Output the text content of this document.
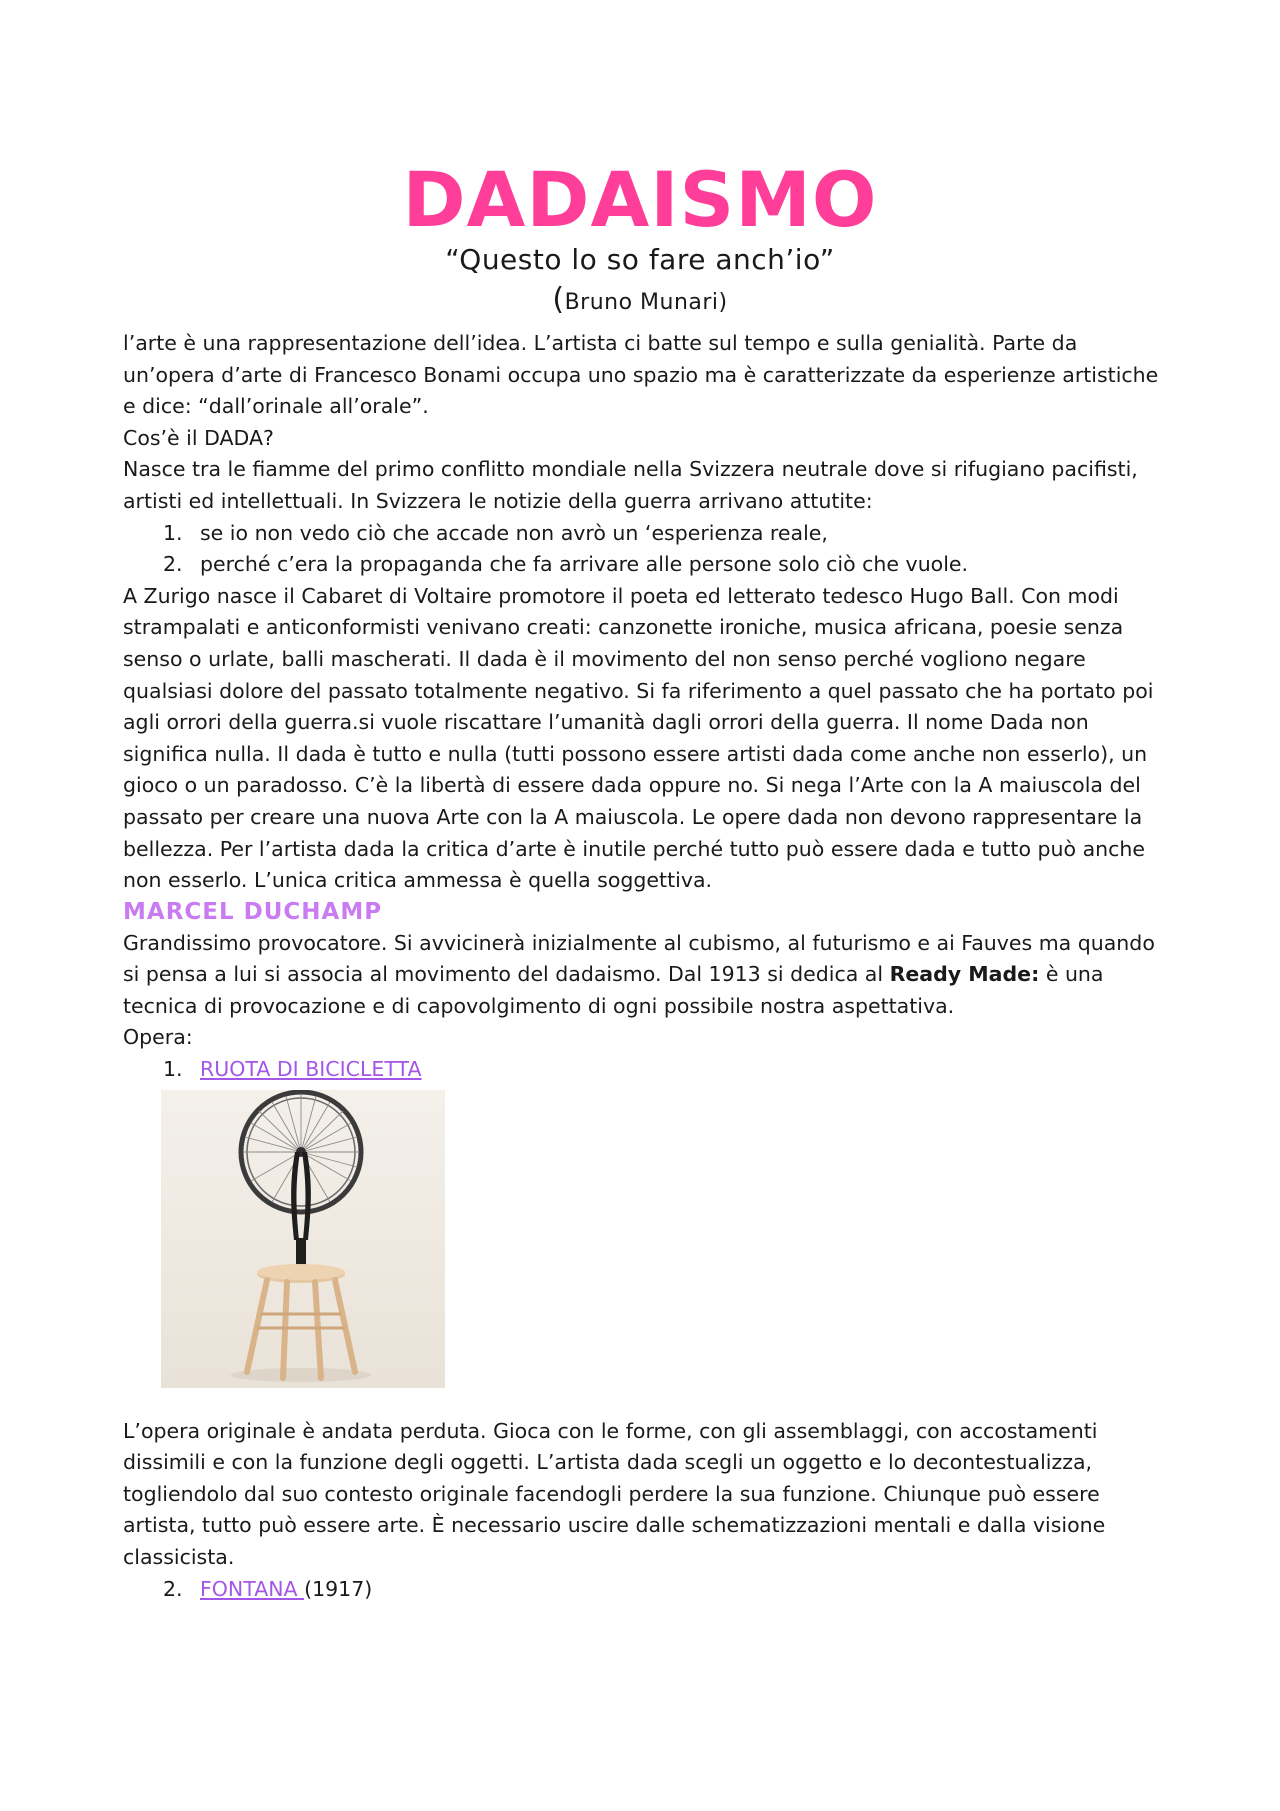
DADAISMO

“Questo lo so fare anch’io”

(Bruno Munari)

l’arte è una rappresentazione dell’idea. L’artista ci batte sul tempo e sulla genialità. Parte da un’opera d’arte di Francesco Bonami occupa uno spazio ma è caratterizzate da esperienze artistiche e dice: “dall’orinale all’orale”.

Cos’è il DADA?

Nasce tra le fiamme del primo conflitto mondiale nella Svizzera neutrale dove si rifugiano pacifisti, artisti ed intellettuali. In Svizzera le notizie della guerra arrivano attutite:

1. se io non vedo ciò che accade non avrò un ‘esperienza reale,
2. perché c’era la propaganda che fa arrivare alle persone solo ciò che vuole.

A Zurigo nasce il Cabaret di Voltaire promotore il poeta ed letterato tedesco Hugo Ball. Con modi strampalati e anticonformisti venivano creati: canzonette ironiche, musica africana, poesie senza senso o urlate, balli mascherati. Il dada è il movimento del non senso perché vogliono negare qualsiasi dolore del passato totalmente negativo. Si fa riferimento a quel passato che ha portato poi agli orrori della guerra.si vuole riscattare l’umanità dagli orrori della guerra. Il nome Dada non significa nulla. Il dada è tutto e nulla (tutti possono essere artisti dada come anche non esserlo), un gioco o un paradosso. C’è la libertà di essere dada oppure no. Si nega l’Arte con la A maiuscola del passato per creare una nuova Arte con la A maiuscola. Le opere dada non devono rappresentare la bellezza. Per l’artista dada la critica d’arte è inutile perché tutto può essere dada e tutto può anche non esserlo. L’unica critica ammessa è quella soggettiva.

MARCEL DUCHAMP

Grandissimo provocatore. Si avvicinerà inizialmente al cubismo, al futurismo e ai Fauves ma quando si pensa a lui si associa al movimento del dadaismo. Dal 1913 si dedica al Ready Made: è una tecnica di provocazione e di capovolgimento di ogni possibile nostra aspettativa.

Opera:

1. RUOTA DI BICICLETTA

L’opera originale è andata perduta. Gioca con le forme, con gli assemblaggi, con accostamenti dissimili e con la funzione degli oggetti. L’artista dada scegli un oggetto e lo decontestualizza, togliendolo dal suo contesto originale facendogli perdere la sua funzione. Chiunque può essere artista, tutto può essere arte. È necessario uscire dalle schematizzazioni mentali e dalla visione classicista.

2. FONTANA (1917)
